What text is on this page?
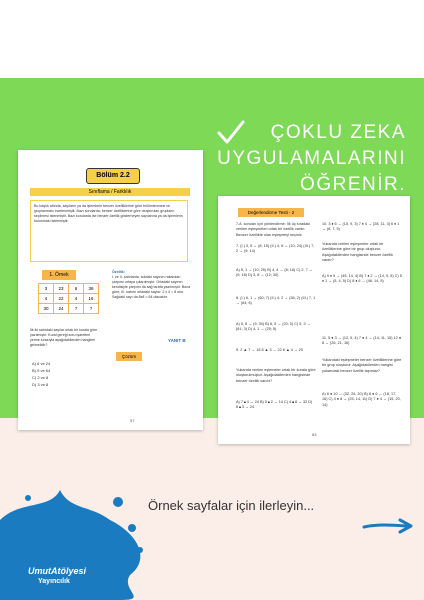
ÇOKLU ZEKA
UYGULAMALARINI
ÖĞRENİR.
Bölüm 2.2
Sınıflama / Farklılık
Bu başlık altında, sayıların ya da işlemlerin benzer özelliklerine göre bölümlenmesi ve gruplanması incelenmiştir. Bazı sorularda; benzer özelliklerine göre oluşturulan grupların seçilmesi istenmiştir. Bazı sorularda ise benzer özellik gösterneyen sayılarına ya da işlemlerin bulunması istenmiştir.
1. Örnek
3	23	6	36
4	22	4	16
30	24	?	?
İlk iki satırdaki sayılar ortak bir kurala göre yazılmıştır. Kural gereği soru işaretleri yerine sırasıyla aşağıdakilerden hangileri gelmelidir?
A) 6 ve 24
B) 9 ve 64
C) 2 ve 8
D) 3 ve 8
Özellik:
I. ve II. satırlarda, soldaki sayının rakamları çarpımı ortaya çıkarılmıştır. Ortadaki sayının kendisiyle çarpımı da sağ tarafa yazılmıştır. Buna göre, III. satırın ortadaki sayısı: 2 x 4 = 8 olur. Sağdaki sayı da 8x8 = 64 olacaktır.
YANIT B
Çözüm
57
Değerlendirme Testi - 2
7-8. soruları için yönlendirme: İlk üç sıradaki verilen eşleşmeleri ortak bir özellik vardır. Benzer özellikte olan eşleşmeyi seçiniz.
7. (I.) 3, 5 → (8; 15) (II.) 4, 6 → (10; 24) (III.) 7, 2 → (9; 14)
A) 5, 1 → (10; 25) B) 4, 4 → (8; 16) C) 2, 7 → (9; 18) D) 3, 8 → (12; 30)
8. (I.) 6, 1 → (60; 7) (II.) 4, 2 → (36; 2) (III.) 7, 1 → (64; 6)
A) 5, 8 → (9; 30) B) 6, 5 → (20; 0) C) 5, 3 → (81; 3) D) 4, 1 → (25; 5)
9. 2 ▲ 7 → 18 8 ▲ 3 → 22 6 ▲ 4 → 20
Yukarıda verilen eşlemeler ortak bir kurala göre oluşturulmuştur. Aşağıdakilerden hangisinde benzer özellik vardır?
A) 7▲4 → 24 B) 5▲2 → 14 C) 4▲8 → 32 D) 6▲3 → 24
10. 3 ♦ 6 → (15, 9, 3) 7 ♦ 4 → (28, 11, 3) 6 ♦ 1 → (6, 7, 5)
Yukarıda verilen eşleşmeler ortak bir özelliklerine göre bir grup oluşturur. Aşağıdakilerden hangisinde benzer özellik vardır?
A) 9 ♦ 5 → (45, 14, 4) B) 7 ♦ 2 → (14, 9, 5) C) 5 ♦ 1 → (5, 4, 5) D) 8 ♦ 6 → (48, 14, 5)
11. 5 ● 3 → (12, 9, 4) 7 ● 4 → (14, 11, 15) 12 ● 8 → (26, 21, 16)
Yukarıdaki eşleşmeler benzer özelliklerine göre bir grup oluşturur. Aşağıdakilerden hangisi yukarıdaki benzer özellik taşımaz?
A) 6 ● 10 → (32, 26, 20) B) 8 ● 6 → (18, 17, 16) C) 4 ● 8 → (25, 14, 11) D) 7 ● 4 → (15, 20, 14)
63
UmutAtölyesi
Yayıncılık
Örnek sayfalar için ilerleyin...
